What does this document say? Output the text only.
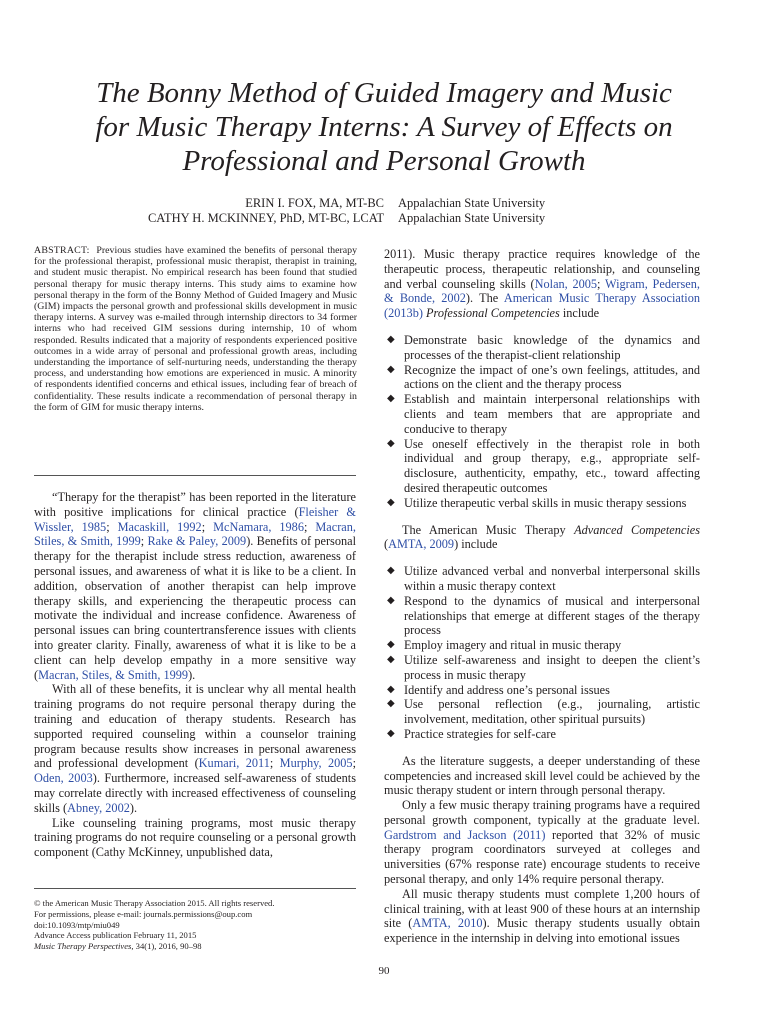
The Bonny Method of Guided Imagery and Music
for Music Therapy Interns: A Survey of Effects on
Professional and Personal Growth
ERIN I. FOX, MA, MT-BC
CATHY H. MCKINNEY, PhD, MT-BC, LCAT
Appalachian State University
Appalachian State University
ABSTRACT: Previous studies have examined the benefits of personal therapy for the professional therapist, professional music therapist, therapist in training, and student music therapist. No empirical research has been found that studied personal therapy for music therapy interns. This study aims to examine how personal therapy in the form of the Bonny Method of Guided Imagery and Music (GIM) impacts the personal growth and professional skills development in music therapy interns. A survey was e-mailed through internship directors to 34 former interns who had received GIM sessions during internship, 10 of whom responded. Results indicated that a majority of respondents experienced positive outcomes in a wide array of personal and professional growth areas, including understanding the importance of self-nurturing needs, understanding the therapy process, and understanding how emotions are experienced in music. A minority of respondents identified concerns and ethical issues, including fear of breach of confidentiality. These results indicate a recommendation of personal therapy in the form of GIM for music therapy interns.

“Therapy for the therapist” has been reported in the literature with positive implications for clinical practice (Fleisher & Wissler, 1985; Macaskill, 1992; McNamara, 1986; Macran, Stiles, & Smith, 1999; Rake & Paley, 2009). Benefits of personal therapy for the therapist include stress reduction, awareness of personal issues, and awareness of what it is like to be a client. In addition, observation of another therapist can help improve therapy skills, and experiencing the therapeutic process can motivate the individual and increase confidence. Awareness of personal issues can bring countertransference issues with clients into greater clarity. Finally, awareness of what it is like to be a client can help develop empathy in a more sensitive way (Macran, Stiles, & Smith, 1999).

With all of these benefits, it is unclear why all mental health training programs do not require personal therapy during the training and education of therapy students. Research has supported required counseling within a counselor training program because results show increases in personal awareness and professional development (Kumari, 2011; Murphy, 2005; Oden, 2003). Furthermore, increased self-awareness of students may correlate directly with increased effectiveness of counseling skills (Abney, 2002).

Like counseling training programs, most music therapy training programs do not require counseling or a personal growth component (Cathy McKinney, unpublished data,

© the American Music Therapy Association 2015. All rights reserved.
For permissions, please e-mail: journals.permissions@oup.com
doi:10.1093/mtp/miu049
Advance Access publication February 11, 2015
Music Therapy Perspectives, 34(1), 2016, 90–98

2011). Music therapy practice requires knowledge of the therapeutic process, therapeutic relationship, and counseling and verbal counseling skills (Nolan, 2005; Wigram, Pedersen, & Bonde, 2002). The American Music Therapy Association (2013b) Professional Competencies include

◆ Demonstrate basic knowledge of the dynamics and processes of the therapist-client relationship
◆ Recognize the impact of one’s own feelings, attitudes, and actions on the client and the therapy process
◆ Establish and maintain interpersonal relationships with clients and team members that are appropriate and conducive to therapy
◆ Use oneself effectively in the therapist role in both individual and group therapy, e.g., appropriate self-disclosure, authenticity, empathy, etc., toward affecting desired therapeutic outcomes
◆ Utilize therapeutic verbal skills in music therapy sessions

The American Music Therapy Advanced Competencies (AMTA, 2009) include

◆ Utilize advanced verbal and nonverbal interpersonal skills within a music therapy context
◆ Respond to the dynamics of musical and interpersonal relationships that emerge at different stages of the therapy process
◆ Employ imagery and ritual in music therapy
◆ Utilize self-awareness and insight to deepen the client’s process in music therapy
◆ Identify and address one’s personal issues
◆ Use personal reflection (e.g., journaling, artistic involvement, meditation, other spiritual pursuits)
◆ Practice strategies for self-care

As the literature suggests, a deeper understanding of these competencies and increased skill level could be achieved by the music therapy student or intern through personal therapy.

Only a few music therapy training programs have a required personal growth component, typically at the graduate level. Gardstrom and Jackson (2011) reported that 32% of music therapy program coordinators surveyed at colleges and universities (67% response rate) encourage students to receive personal therapy, and only 14% require personal therapy.

All music therapy students must complete 1,200 hours of clinical training, with at least 900 of these hours at an internship site (AMTA, 2010). Music therapy students usually obtain experience in the internship in delving into emotional issues

90
